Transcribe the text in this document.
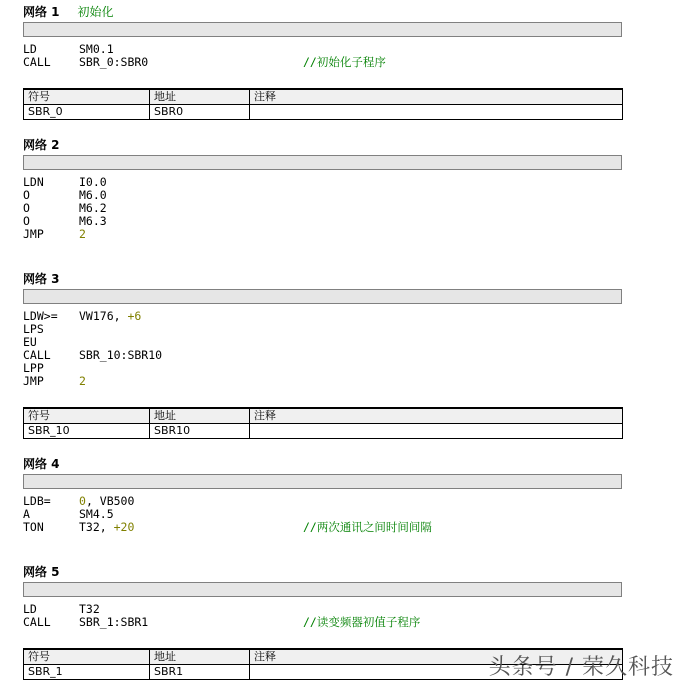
网络 1 初始化
LD	SM0.1
CALL SBR_0:SBR0	//初始化子程序
符号	地址	注释
SBR_0	SBR0	
网络 2
LDN	I0.0
O	M6.0
O	M6.2
O	M6.3
JMP	2
网络 3
LDW>= VW176, +6
LPS
EU
CALL SBR_10:SBR10
LPP
JMP	2
符号	地址	注释
SBR_10	SBR10	
网络 4
LDB= 0, VB500
A	SM4.5
TON	T32, +20	//两次通讯之间时间间隔
网络 5
LD	T32
CALL SBR_1:SBR1	//读变频器初值子程序
符号	地址	注释
SBR_1	SBR1		头条号 / 荣久科技
